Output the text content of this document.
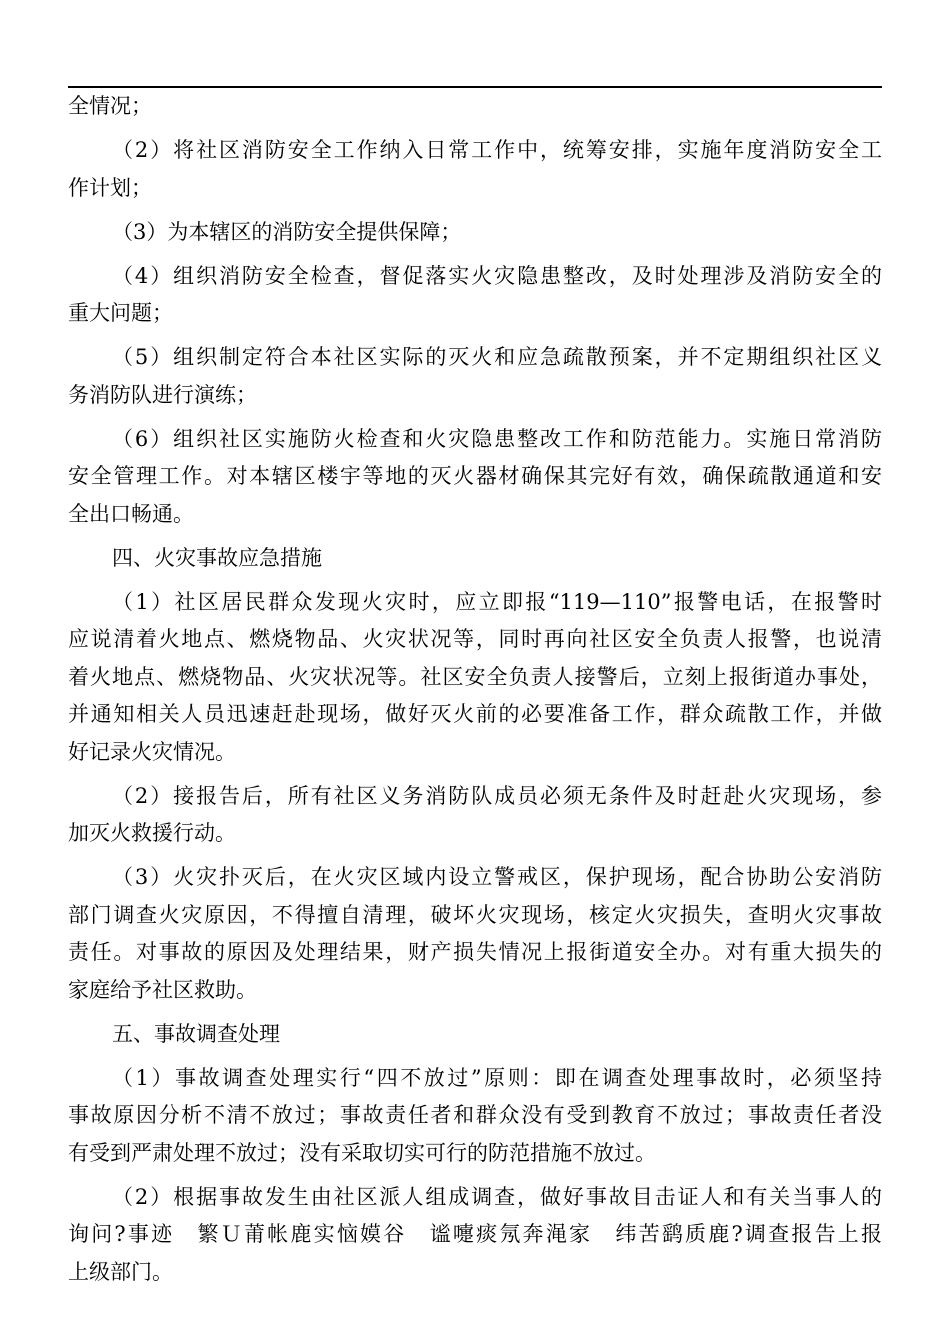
全情况；
（2）将社区消防安全工作纳入日常工作中，统筹安排，实施年度消防安全工
作计划；
（3）为本辖区的消防安全提供保障；
（4）组织消防安全检查，督促落实火灾隐患整改，及时处理涉及消防安全的
重大问题；
（5）组织制定符合本社区实际的灭火和应急疏散预案，并不定期组织社区义
务消防队进行演练；
（6）组织社区实施防火检查和火灾隐患整改工作和防范能力。实施日常消防
安全管理工作。对本辖区楼宇等地的灭火器材确保其完好有效，确保疏散通道和安
全出口畅通。
四、火灾事故应急措施
（1）社区居民群众发现火灾时，应立即报“119—110”报警电话，在报警时
应说清着火地点、燃烧物品、火灾状况等，同时再向社区安全负责人报警，也说清
着火地点、燃烧物品、火灾状况等。社区安全负责人接警后，立刻上报街道办事处，
并通知相关人员迅速赶赴现场，做好灭火前的必要准备工作，群众疏散工作，并做
好记录火灾情况。
（2）接报告后，所有社区义务消防队成员必须无条件及时赶赴火灾现场，参
加灭火救援行动。
（3）火灾扑灭后，在火灾区域内设立警戒区，保护现场，配合协助公安消防
部门调查火灾原因，不得擅自清理，破坏火灾现场，核定火灾损失，查明火灾事故
责任。对事故的原因及处理结果，财产损失情况上报街道安全办。对有重大损失的
家庭给予社区救助。
五、事故调查处理
（1）事故调查处理实行“四不放过”原则：即在调查处理事故时，必须坚持
事故原因分析不清不放过；事故责任者和群众没有受到教育不放过；事故责任者没
有受到严肃处理不放过；没有采取切实可行的防范措施不放过。
（2）根据事故发生由社区派人组成调查，做好事故目击证人和有关当事人的
询问?事迹　繁Ｕ莆帐鹿实恼嫫谷　谧嚏痰氖奔渑家　纬苦鹞质鹿?调查报告上报
上级部门。
